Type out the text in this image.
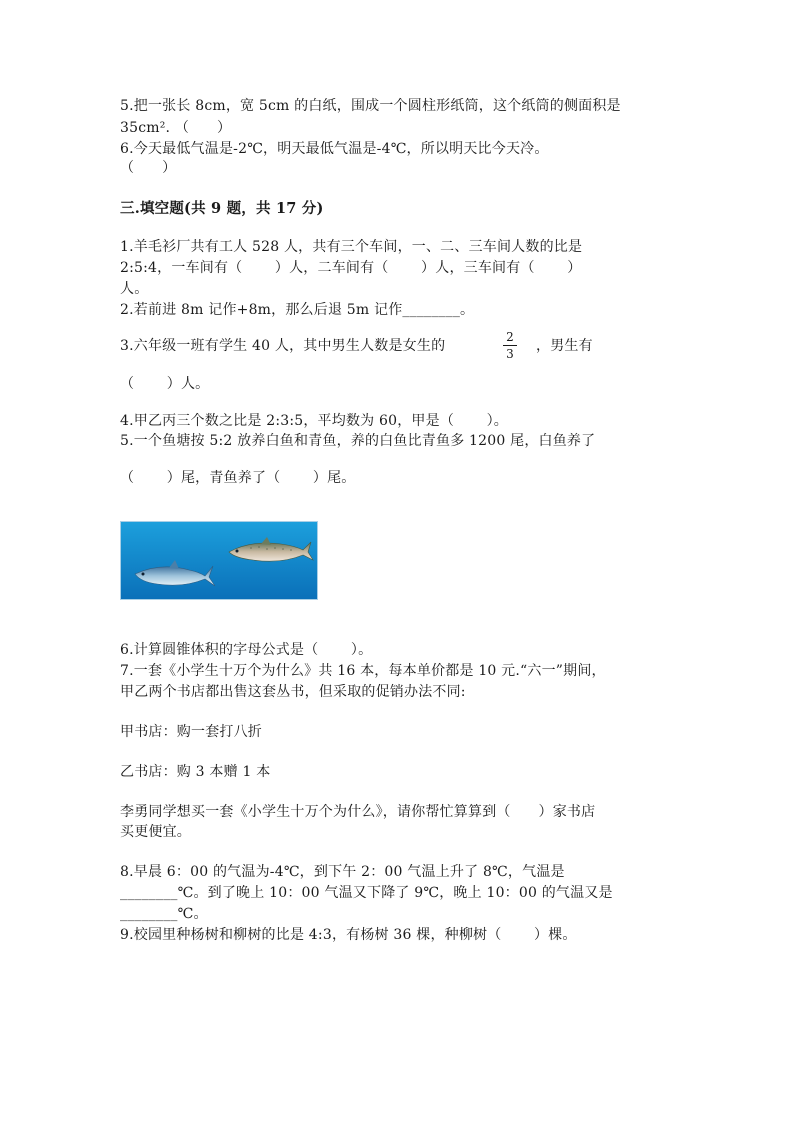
5.把一张长 8cm，宽 5cm 的白纸，围成一个圆柱形纸筒，这个纸筒的侧面积是
35cm². （      ）
6.今天最低气温是-2℃，明天最低气温是-4℃，所以明天比今天冷。
（      ）
三.填空题(共 9 题，共 17 分)
1.羊毛衫厂共有工人 528 人，共有三个车间，一、二、三车间人数的比是
2:5:4，一车间有（       ）人，二车间有（       ）人，三车间有（       ）
人。
2.若前进 8m 记作+8m，那么后退 5m 记作________。
3.六年级一班有学生 40 人，其中男生人数是女生的
2
3 ，男生有
（       ）人。
4.甲乙丙三个数之比是 2:3:5，平均数为 60，甲是（       ）。
5.一个鱼塘按 5:2 放养白鱼和青鱼，养的白鱼比青鱼多 1200 尾，白鱼养了
（       ）尾，青鱼养了（       ）尾。
6.计算圆锥体积的字母公式是（       ）。
7.一套《小学生十万个为什么》共 16 本，每本单价都是 10 元.“六一”期间，
甲乙两个书店都出售这套丛书，但采取的促销办法不同:
甲书店：购一套打八折
乙书店：购 3 本赠 1 本
李勇同学想买一套《小学生十万个为什么》，请你帮忙算算到（      ）家书店
买更便宜。
8.早晨 6：00 的气温为-4℃，到下午 2：00 气温上升了 8℃，气温是
________℃。到了晚上 10：00 气温又下降了 9℃，晚上 10：00 的气温又是
________℃。
9.校园里种杨树和柳树的比是 4:3，有杨树 36 棵，种柳树（       ）棵。
